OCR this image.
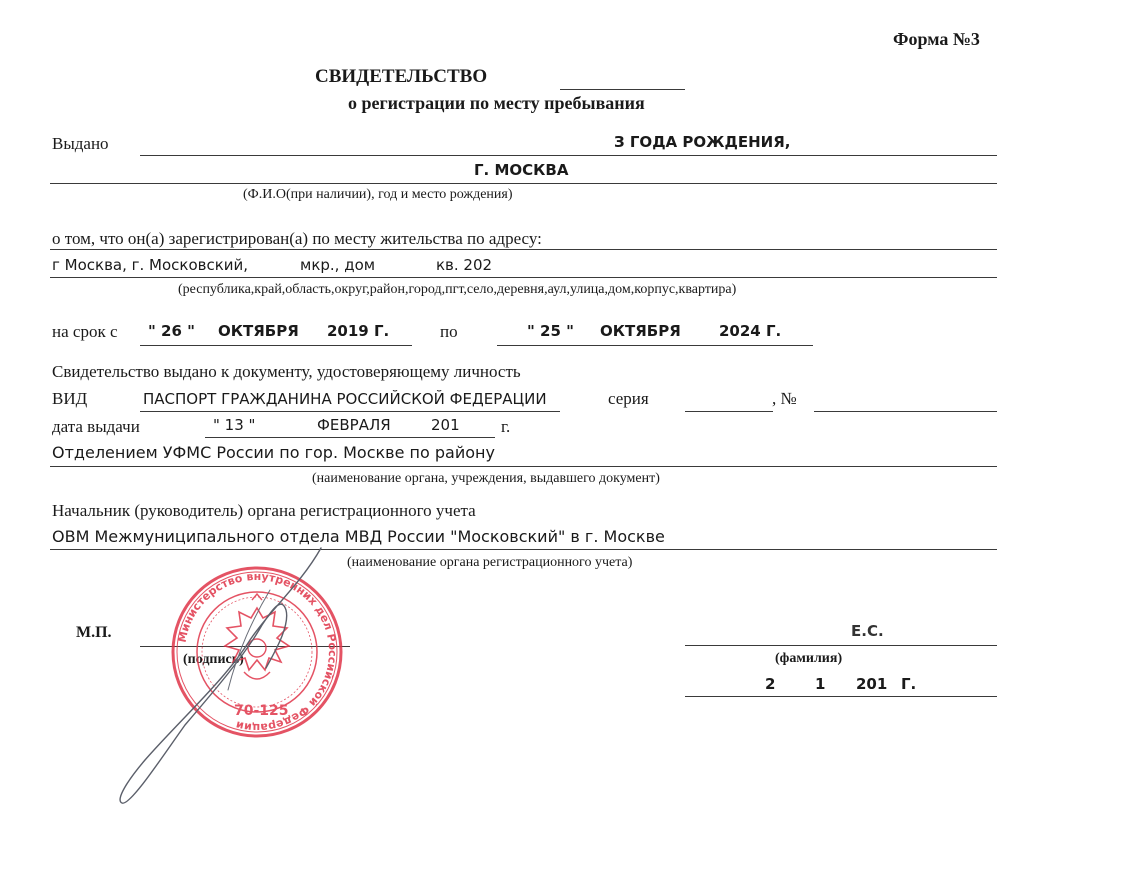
Форма №3
СВИДЕТЕЛЬСТВО
о регистрации по месту пребывания
Выдано	З ГОДА РОЖДЕНИЯ,
Г. МОСКВА
(Ф.И.О(при наличии), год и место рождения)
о том, что он(а) зарегистрирован(а) по месту жительства по адресу:
г Москва, г. Московский,	мкр., дом	кв. 202
(республика,край,область,округ,район,город,пгт,село,деревня,аул,улица,дом,корпус,квартира)
на срок с " 26 " ОКТЯБРЯ 2019 Г.	по	" 25 " ОКТЯБРЯ	2024 Г.
Свидетельство выдано к документу, удостоверяющему личность
ВИД	ПАСПОРТ ГРАЖДАНИНА РОССИЙСКОЙ ФЕДЕРАЦИИ	серия	, №
дата выдачи	" 13 "	ФЕВРАЛЯ	201 г.
Отделением УФМС России по гор. Москве по району
(наименование органа, учреждения, выдавшего документ)
Начальник (руководитель) органа регистрационного учета
ОВМ Межмуниципального отдела МВД России "Московский" в г. Москве
(наименование органа регистрационного учета)
М.П.
(подпись)
Е.С.
(фамилия)
2	1 201 Г.
Министерство внутренних дел Российской Федерации
70-125
